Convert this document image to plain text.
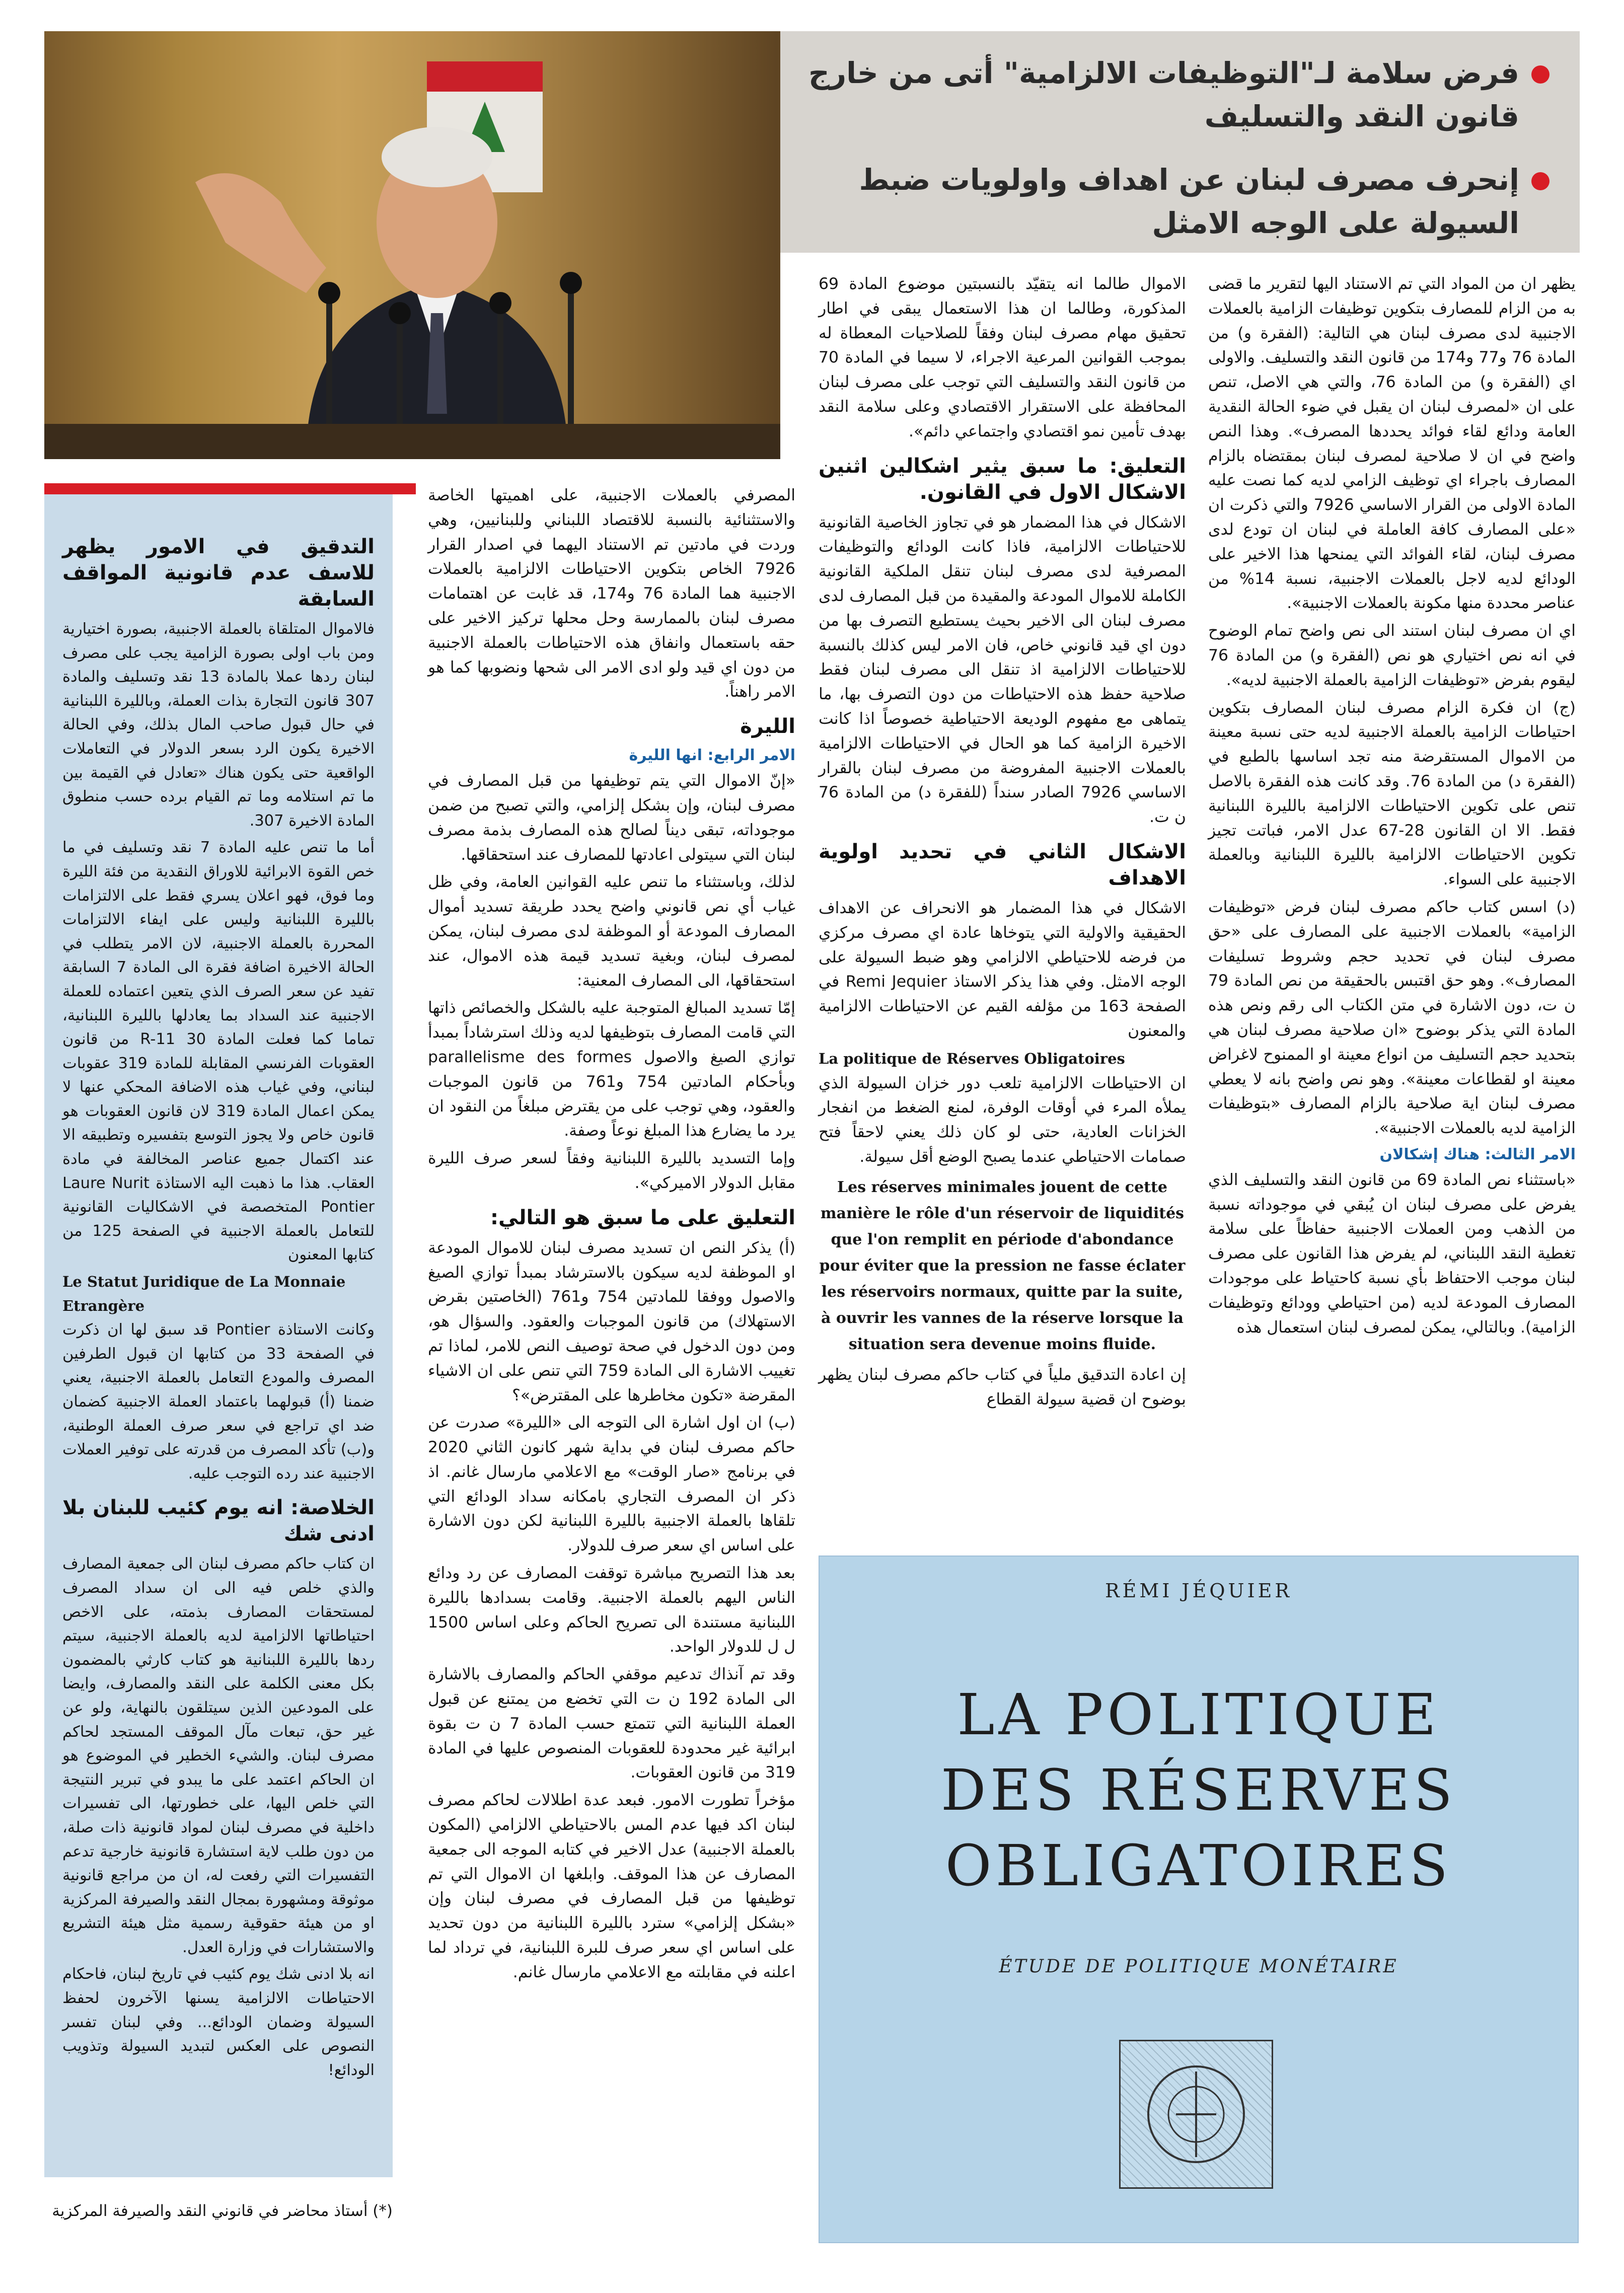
فرض سلامة لـ"التوظيفات الالزامية" أتى من خارج قانون النقد والتسليف
إنحرف مصرف لبنان عن اهداف واولويات ضبط السيولة على الوجه الامثل

يظهر ان من المواد التي تم الاستناد اليها لتقرير ما قضى به من الزام للمصارف بتكوين توظيفات الزامية بالعملات الاجنبية لدى مصرف لبنان هي التالية: (الفقرة و) من المادة 76 و77 و174 من قانون النقد والتسليف. والاولى اي (الفقرة و) من المادة 76، والتي هي الاصل، تنص على ان «لمصرف لبنان ان يقبل في ضوء الحالة النقدية العامة ودائع لقاء فوائد يحددها المصرف». وهذا النص واضح في ان لا صلاحية لمصرف لبنان بمقتضاه بالزام المصارف باجراء اي توظيف الزامي لديه كما نصت عليه المادة الاولى من القرار الاساسي 7926 والتي ذكرت ان «على المصارف كافة العاملة في لبنان ان تودع لدى مصرف لبنان، لقاء الفوائد التي يمنحها هذا الاخير على الودائع لديه لاجل بالعملات الاجنبية، نسبة 14% من عناصر محددة منها مكونة بالعملات الاجنبية».

اي ان مصرف لبنان استند الى نص واضح تمام الوضوح في انه نص اختياري هو نص (الفقرة و) من المادة 76 ليقوم بفرض «توظيفات الزامية بالعملة الاجنبية لديه».

(ج) ان فكرة الزام مصرف لبنان المصارف بتكوين احتياطات الزامية بالعملة الاجنبية لديه حتى نسبة معينة من الاموال المستقرضة منه تجد اساسها بالطبع في (الفقرة د) من المادة 76. وقد كانت هذه الفقرة بالاصل تنص على تكوين الاحتياطات الالزامية بالليرة اللبنانية فقط. الا ان القانون 28-67 عدل الامر، فباتت تجيز تكوين الاحتياطات الالزامية بالليرة اللبنانية وبالعملة الاجنبية على السواء.

(د) اسس كتاب حاكم مصرف لبنان فرض «توظيفات الزامية» بالعملات الاجنبية على المصارف على «حق مصرف لبنان في تحديد حجم وشروط تسليفات المصارف». وهو حق اقتبس بالحقيقة من نص المادة 79 ن ت، دون الاشارة في متن الكتاب الى رقم ونص هذه المادة التي يذكر بوضوح «ان صلاحية مصرف لبنان هي بتحديد حجم التسليف من انواع معينة او الممنوح لاغراض معينة او لقطاعات معينة». وهو نص واضح بانه لا يعطي مصرف لبنان اية صلاحية بالزام المصارف «بتوظيفات الزامية لديه بالعملات الاجنبية».

الامر الثالث: هناك إشكالان

«باستثناء نص المادة 69 من قانون النقد والتسليف الذي يفرض على مصرف لبنان ان يُبقي في موجوداته نسبة من الذهب ومن العملات الاجنبية حفاظاً على سلامة تغطية النقد اللبناني، لم يفرض هذا القانون على مصرف لبنان موجب الاحتفاظ بأي نسبة كاحتياط على موجودات المصارف المودعة لديه (من احتياطي وودائع وتوظيفات الزامية). وبالتالي، يمكن لمصرف لبنان استعمال هذه

الاموال طالما انه يتقيّد بالنسبتين موضوع المادة 69 المذكورة، وطالما ان هذا الاستعمال يبقى في اطار تحقيق مهام مصرف لبنان وفقاً للصلاحيات المعطاة له بموجب القوانين المرعية الاجراء، لا سيما في المادة 70 من قانون النقد والتسليف التي توجب على مصرف لبنان المحافظة على الاستقرار الاقتصادي وعلى سلامة النقد بهدف تأمين نمو اقتصادي واجتماعي دائم».

التعليق: ما سبق يثير اشكالين اثنين الاشكال الاول في القانون.

الاشكال في هذا المضمار هو في تجاوز الخاصية القانونية للاحتياطات الالزامية، فاذا كانت الودائع والتوظيفات المصرفية لدى مصرف لبنان تنقل الملكية القانونية الكاملة للاموال المودعة والمقيدة من قبل المصارف لدى مصرف لبنان الى الاخير بحيث يستطيع التصرف بها من دون اي قيد قانوني خاص، فان الامر ليس كذلك بالنسبة للاحتياطات الالزامية اذ تنقل الى مصرف لبنان فقط صلاحية حفظ هذه الاحتياطات من دون التصرف بها، ما يتماهى مع مفهوم الوديعة الاحتياطية خصوصاً اذا كانت الاخيرة الزامية كما هو الحال في الاحتياطات الالزامية بالعملات الاجنبية المفروضة من مصرف لبنان بالقرار الاساسي 7926 الصادر سنداً (للفقرة د) من المادة 76 ن ت.

الاشكال الثاني في تحديد اولوية الاهداف

الاشكال في هذا المضمار هو الانحراف عن الاهداف الحقيقية والاولية التي يتوخاها عادة اي مصرف مركزي من فرضه للاحتياطي الالزامي وهو ضبط السيولة على الوجه الامثل. وفي هذا يذكر الاستاذ Remi Jequier في الصفحة 163 من مؤلفه القيم عن الاحتياطات الالزامية والمعنون

La politique de Réserves Obligatoires

ان الاحتياطات الالزامية تلعب دور خزان السيولة الذي يملأه المرء في أوقات الوفرة، لمنع الضغط من انفجار الخزانات العادية، حتى لو كان ذلك يعني لاحقاً فتح صمامات الاحتياطي عندما يصبح الوضع أقل سيولة.

Les réserves minimales jouent de cette manière le rôle d'un réservoir de liquidités que l'on remplit en période d'abondance pour éviter que la pression ne fasse éclater les réservoirs normaux, quitte par la suite, à ouvrir les vannes de la réserve lorsque la situation sera devenue moins fluide.

إن اعادة التدقيق ملياً في كتاب حاكم مصرف لبنان يظهر بوضوح ان قضية سيولة القطاع

المصرفي بالعملات الاجنبية، على اهميتها الخاصة والاستثنائية بالنسبة للاقتصاد اللبناني وللبنانيين، وهي وردت في مادتين تم الاستناد اليهما في اصدار القرار 7926 الخاص بتكوين الاحتياطات الالزامية بالعملات الاجنبية هما المادة 76 و174، قد غابت عن اهتمامات مصرف لبنان بالممارسة وحل محلها تركيز الاخير على حقه باستعمال وانفاق هذه الاحتياطات بالعملة الاجنبية من دون اي قيد ولو ادى الامر الى شحها ونضوبها كما هو الامر راهناً.

الليرة
الامر الرابع: انها الليرة

«إنّ الاموال التي يتم توظيفها من قبل المصارف في مصرف لبنان، وإن بشكل إلزامي، والتي تصبح من ضمن موجوداته، تبقى ديناً لصالح هذه المصارف بذمة مصرف لبنان التي سيتولى اعادتها للمصارف عند استحقاقها.

لذلك، وباستثناء ما تنص عليه القوانين العامة، وفي ظل غياب أي نص قانوني واضح يحدد طريقة تسديد أموال المصارف المودعة أو الموظفة لدى مصرف لبنان، يمكن لمصرف لبنان، وبغية تسديد قيمة هذه الاموال، عند استحقاقها، الى المصارف المعنية:

إمّا تسديد المبالغ المتوجبة عليه بالشكل والخصائص ذاتها التي قامت المصارف بتوظيفها لديه وذلك استرشاداً بمبدأ توازي الصيغ والاصول parallelisme des formes وبأحكام المادتين 754 و761 من قانون الموجبات والعقود، وهي توجب على من يقترض مبلغاً من النقود ان يرد ما يضارع هذا المبلغ نوعاً وصفة.

وإما التسديد بالليرة اللبنانية وفقاً لسعر صرف الليرة مقابل الدولار الاميركي».

التعليق على ما سبق هو التالي:

(أ) يذكر النص ان تسديد مصرف لبنان للاموال المودعة او الموظفة لديه سيكون بالاسترشاد بمبدأ توازي الصيغ والاصول ووفقا للمادتين 754 و761 (الخاصتين بقرض الاستهلاك) من قانون الموجبات والعقود. والسؤال هو، ومن دون الدخول في صحة توصيف النص للامر، لماذا تم تغييب الاشارة الى المادة 759 التي تنص على ان الاشياء المقرضة «تكون مخاطرها على المقترض»؟

(ب) ان اول اشارة الى التوجه الى «الليرة» صدرت عن حاكم مصرف لبنان في بداية شهر كانون الثاني 2020 في برنامج «صار الوقت» مع الاعلامي مارسال غانم. اذ ذكر ان المصرف التجاري بامكانه سداد الودائع التي تلقاها بالعملة الاجنبية بالليرة اللبنانية لكن دون الاشارة على اساس اي سعر صرف للدولار.

بعد هذا التصريح مباشرة توقفت المصارف عن رد ودائع الناس اليهم بالعملة الاجنبية. وقامت بسدادها بالليرة اللبنانية مستندة الى تصريح الحاكم وعلى اساس 1500 ل ل للدولار الواحد.

وقد تم آنذاك تدعيم موقفي الحاكم والمصارف بالاشارة الى المادة 192 ن ت التي تخضع من يمتنع عن قبول العملة اللبنانية التي تتمتع حسب المادة 7 ن ت بقوة ابرائية غير محدودة للعقوبات المنصوص عليها في المادة 319 من قانون العقوبات.

مؤخراً تطورت الامور. فبعد عدة اطلالات لحاكم مصرف لبنان اكد فيها عدم المس بالاحتياطي الالزامي (المكون بالعملة الاجنبية) عدل الاخير في كتابه الموجه الى جمعية المصارف عن هذا الموقف. وابلغها ان الاموال التي تم توظيفها من قبل المصارف في مصرف لبنان وإن «بشكل إلزامي» سترد بالليرة اللبنانية من دون تحديد على اساس اي سعر صرف للبرة اللبنانية، في ترداد لما اعلنه في مقابلته مع الاعلامي مارسال غانم.

التدقيق في الامور يظهر للاسف عدم قانونية المواقف السابقة

فالاموال المتلقاة بالعملة الاجنبية، بصورة اختيارية ومن باب اولى بصورة الزامية يجب على مصرف لبنان ردها عملا بالمادة 13 نقد وتسليف والمادة 307 قانون التجارة بذات العملة، وبالليرة اللبنانية في حال قبول صاحب المال بذلك، وفي الحالة الاخيرة يكون الرد بسعر الدولار في التعاملات الواقعية حتى يكون هناك «تعادل في القيمة بين ما تم استلامه وما تم القيام برده حسب منطوق المادة الاخيرة 307.

أما ما تنص عليه المادة 7 نقد وتسليف في ما خص القوة الابرائية للاوراق النقدية من فئة الليرة وما فوق، فهو اعلان يسري فقط على الالتزامات بالليرة اللبنانية وليس على ايفاء الالتزامات المحررة بالعملة الاجنبية، لان الامر يتطلب في الحالة الاخيرة اضافة فقرة الى المادة 7 السابقة تفيد عن سعر الصرف الذي يتعين اعتماده للعملة الاجنبية عند السداد بما يعادلها بالليرة اللبنانية، تماما كما فعلت المادة 30 R-11 من قانون العقوبات الفرنسي المقابلة للمادة 319 عقوبات لبناني، وفي غياب هذه الاضافة المحكي عنها لا يمكن اعمال المادة 319 لان قانون العقوبات هو قانون خاص ولا يجوز التوسع بتفسيره وتطبيقه الا عند اكتمال جميع عناصر المخالفة في مادة العقاب. هذا ما ذهبت اليه الاستاذة Laure Nurit Pontier المتخصصة في الاشكاليات القانونية للتعامل بالعملة الاجنبية في الصفحة 125 من كتابها المعنون

Le Statut Juridique de La Monnaie Etrangère

وكانت الاستاذة Pontier قد سبق لها ان ذكرت في الصفحة 33 من كتابها ان قبول الطرفين المصرف والمودع التعامل بالعملة الاجنبية، يعني ضمنا (أ) قبولهما باعتماد العملة الاجنبية كضمان ضد اي تراجع في سعر صرف العملة الوطنية، و(ب) تأكد المصرف من قدرته على توفير العملات الاجنبية عند رده التوجب عليه.

الخلاصة: انه يوم كئيب للبنان بلا ادنى شك

ان كتاب حاكم مصرف لبنان الى جمعية المصارف والذي خلص فيه الى ان سداد المصرف لمستحقات المصارف بذمته، على الاخص احتياطاتها الالزامية لديه بالعملة الاجنبية، سيتم ردها بالليرة اللبنانية هو كتاب كارثي بالمضمون بكل معنى الكلمة على النقد والمصارف، وايضا على المودعين الذين سيتلقون بالنهاية، ولو عن غير حق، تبعات مآل الموقف المستجد لحاكم مصرف لبنان. والشيء الخطير في الموضوع هو ان الحاكم اعتمد على ما يبدو في تبرير النتيجة التي خلص اليها، على خطورتها، الى تفسيرات داخلية في مصرف لبنان لمواد قانونية ذات صلة، من دون طلب لاية استشارة قانونية خارجية تدعم التفسيرات التي رفعت له، ان من مراجع قانونية موثوقة ومشهورة بمجال النقد والصيرفة المركزية او من هيئة حقوقية رسمية مثل هيئة التشريع والاستشارات في وزارة العدل.

انه بلا ادنى شك يوم كئيب في تاريخ لبنان، فاحكام الاحتياطات الالزامية يسنها الآخرون لحفظ السيولة وضمان الودائع... وفي لبنان تفسر النصوص على العكس لتبديد السيولة وتذويب الودائع!

(*) أستاذ محاضر في قانوني النقد والصيرفة المركزية
RÉMI JÉQUIER
LA POLITIQUE
DES RÉSERVES
OBLIGATOIRES
ÉTUDE DE POLITIQUE MONÉTAIRE
